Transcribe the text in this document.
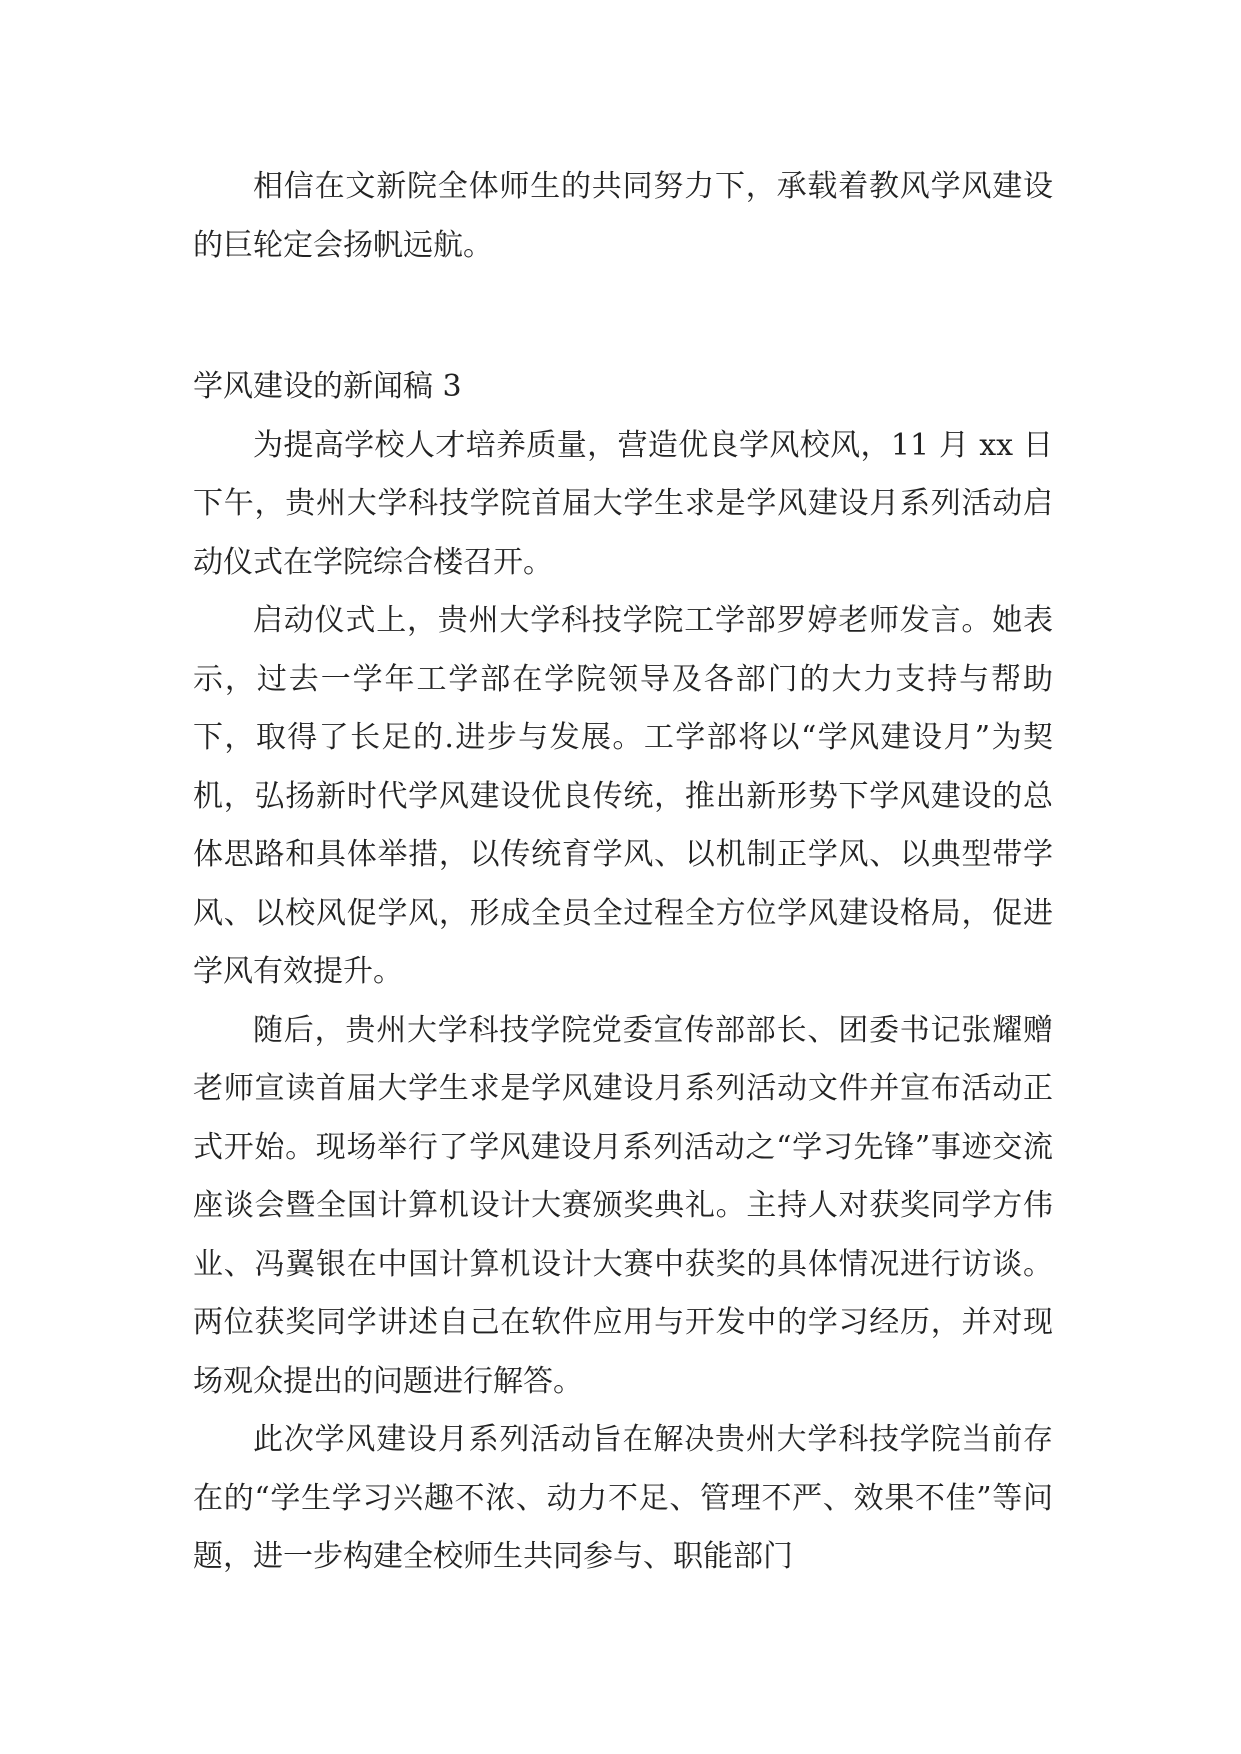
相信在文新院全体师生的共同努力下，承载着教风学风建设的巨轮定会扬帆远航。

学风建设的新闻稿 3

为提高学校人才培养质量，营造优良学风校风，11 月 xx 日下午，贵州大学科技学院首届大学生求是学风建设月系列活动启动仪式在学院综合楼召开。

启动仪式上，贵州大学科技学院工学部罗婷老师发言。她表示，过去一学年工学部在学院领导及各部门的大力支持与帮助下，取得了长足的.进步与发展。工学部将以“学风建设月”为契机，弘扬新时代学风建设优良传统，推出新形势下学风建设的总体思路和具体举措，以传统育学风、以机制正学风、以典型带学风、以校风促学风，形成全员全过程全方位学风建设格局，促进学风有效提升。

随后，贵州大学科技学院党委宣传部部长、团委书记张耀赠老师宣读首届大学生求是学风建设月系列活动文件并宣布活动正式开始。现场举行了学风建设月系列活动之“学习先锋”事迹交流座谈会暨全国计算机设计大赛颁奖典礼。主持人对获奖同学方伟业、冯翼银在中国计算机设计大赛中获奖的具体情况进行访谈。两位获奖同学讲述自己在软件应用与开发中的学习经历，并对现场观众提出的问题进行解答。

此次学风建设月系列活动旨在解决贵州大学科技学院当前存在的“学生学习兴趣不浓、动力不足、管理不严、效果不佳”等问题，进一步构建全校师生共同参与、职能部门
